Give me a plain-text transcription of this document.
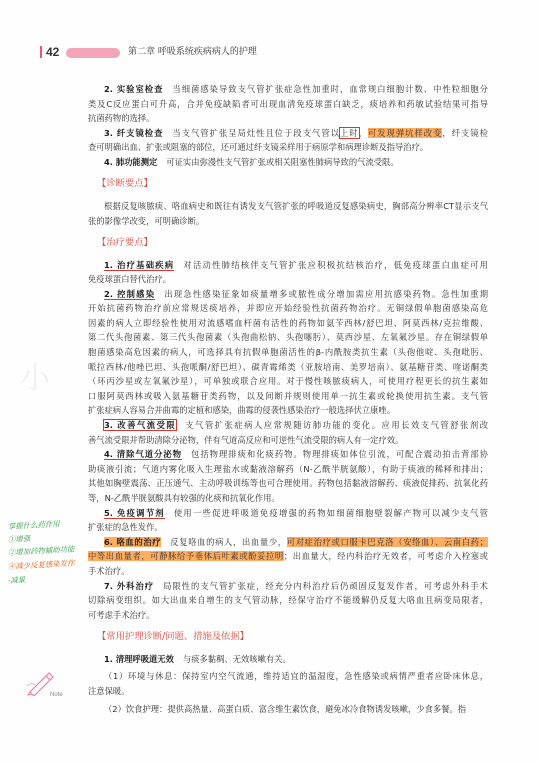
42	第二章 呼吸系统疾病病人的护理
小
2. 实验室检查 当细菌感染导致支气管扩张症急性加重时，血常规白细胞计数、中性粒细胞分
类及C反应蛋白可升高，合并免疫缺陷者可出现血清免疫球蛋白缺乏，痰培养和药敏试验结果可指导
抗菌药物的选择。
3. 纤支镜检查 当支气管扩张呈局灶性且位于段支气管以上时，可发现弹坑样改变，纤支镜检
查可明确出血、扩张或阻塞的部位，还可通过纤支镜采样用于病原学和病理诊断及指导治疗。
4. 肺功能测定 可证实由弥漫性支气管扩张或相关阻塞性肺病导致的气流受限。
【诊断要点】
根据反复咳脓痰、咯血病史和既往有诱发支气管扩张的呼吸道反复感染病史，胸部高分辨率CT显示支气
张的影像学改变，可明确诊断。
【治疗要点】
1. 治疗基础疾病 对活动性肺结核伴支气管扩张应积极抗结核治疗，低免疫球蛋白血症可用
免疫球蛋白替代治疗。
2. 控制感染 出现急性感染征象如痰量增多或脓性成分增加需应用抗感染药物。急性加重期
开始抗菌药物治疗前应常规送痰培养，并即应开始经验性抗菌药物治疗。无铜绿假单胞菌感染高危
因素的病人立即经验性使用对流感嗜血杆菌有活性的药物如氨苄西林/舒巴坦、阿莫西林/克拉维酸、
第二代头孢菌素、第三代头孢菌素（头孢曲松钠、头孢噻肟）、莫西沙星、左氧氟沙星。存在铜绿假单
胞菌感染高危因素的病人，可选择具有抗假单胞菌活性的β-内酰胺类抗生素（头孢他啶、头孢吡肟、
哌拉西林/他唑巴坦、头孢哌酮/舒巴坦）、碳青霉烯类（亚胺培南、美罗培南）、氨基糖苷类、喹诺酮类
（环丙沙星或左氧氟沙星），可单独或联合应用。对于慢性咳脓痰病人，可使用疗程更长的抗生素如
口服阿莫西林或吸入氨基糖苷类药物，以及间断并规则使用单一抗生素或轮换使用抗生素。支气管
扩张症病人容易合并曲霉的定植和感染，曲霉的侵袭性感染治疗一般选择伏立康唑。
3. 改善气流受限 支气管扩张症病人应常规随访肺功能的变化。应用长效支气管舒张剂改
善气流受限并帮助清除分泌物，伴有气道高反应和可逆性气流受限的病人有一定疗效。
4. 清除气道分泌物 包括物理排痰和化痰药物。物理排痰如体位引流，可配合震动拍击背部协
助痰液引流；气道内雾化吸入生理盐水或黏液溶解药（N-乙酰半胱氨酸），有助于痰液的稀释和排出；
其他如胸壁震荡、正压通气、主动呼吸训练等也可合理使用。药物包括黏液溶解药、痰液促排药、抗氧化药
等，N-乙酰半胱氨酸具有较强的化痰和抗氧化作用。
5. 免疫调节剂 使用一些促进呼吸道免疫增强的药物如细菌细胞壁裂解产物可以减少支气管
扩张症的急性发作。
6. 咯血的治疗 反复咯血的病人，出血量少，可对症治疗或口服卡巴克洛（安络血）、云南白药；
中等出血量者，可静脉给予垂体后叶素或酚妥拉明；出血量大，经内科治疗无效者，可考虑介入栓塞或
手术治疗。
7. 外科治疗 局限性的支气管扩张症，经充分内科治疗后仍顽固反复发作者，可考虑外科手术
切除病变组织。如大出血来自增生的支气管动脉，经保守治疗不能缓解仍反复大咯血且病变局限者，
可考虑手术治疗。
【常用护理诊断/问题、措施及依据】
1. 清理呼吸道无效 与痰多黏稠、无效咳嗽有关。
（1）环境与休息：保持室内空气流通，维持适宜的温湿度，急性感染或病情严重者应卧床休息，
注意保暖。
（2）饮食护理：提供高热量、高蛋白质、富含维生素饮食，避免冰冷食物诱发咳嗽，少食多餐。指
掌握什么药作用
①增强
②增加药物辅助功能
④减少反复感染发作
·减量
Note
